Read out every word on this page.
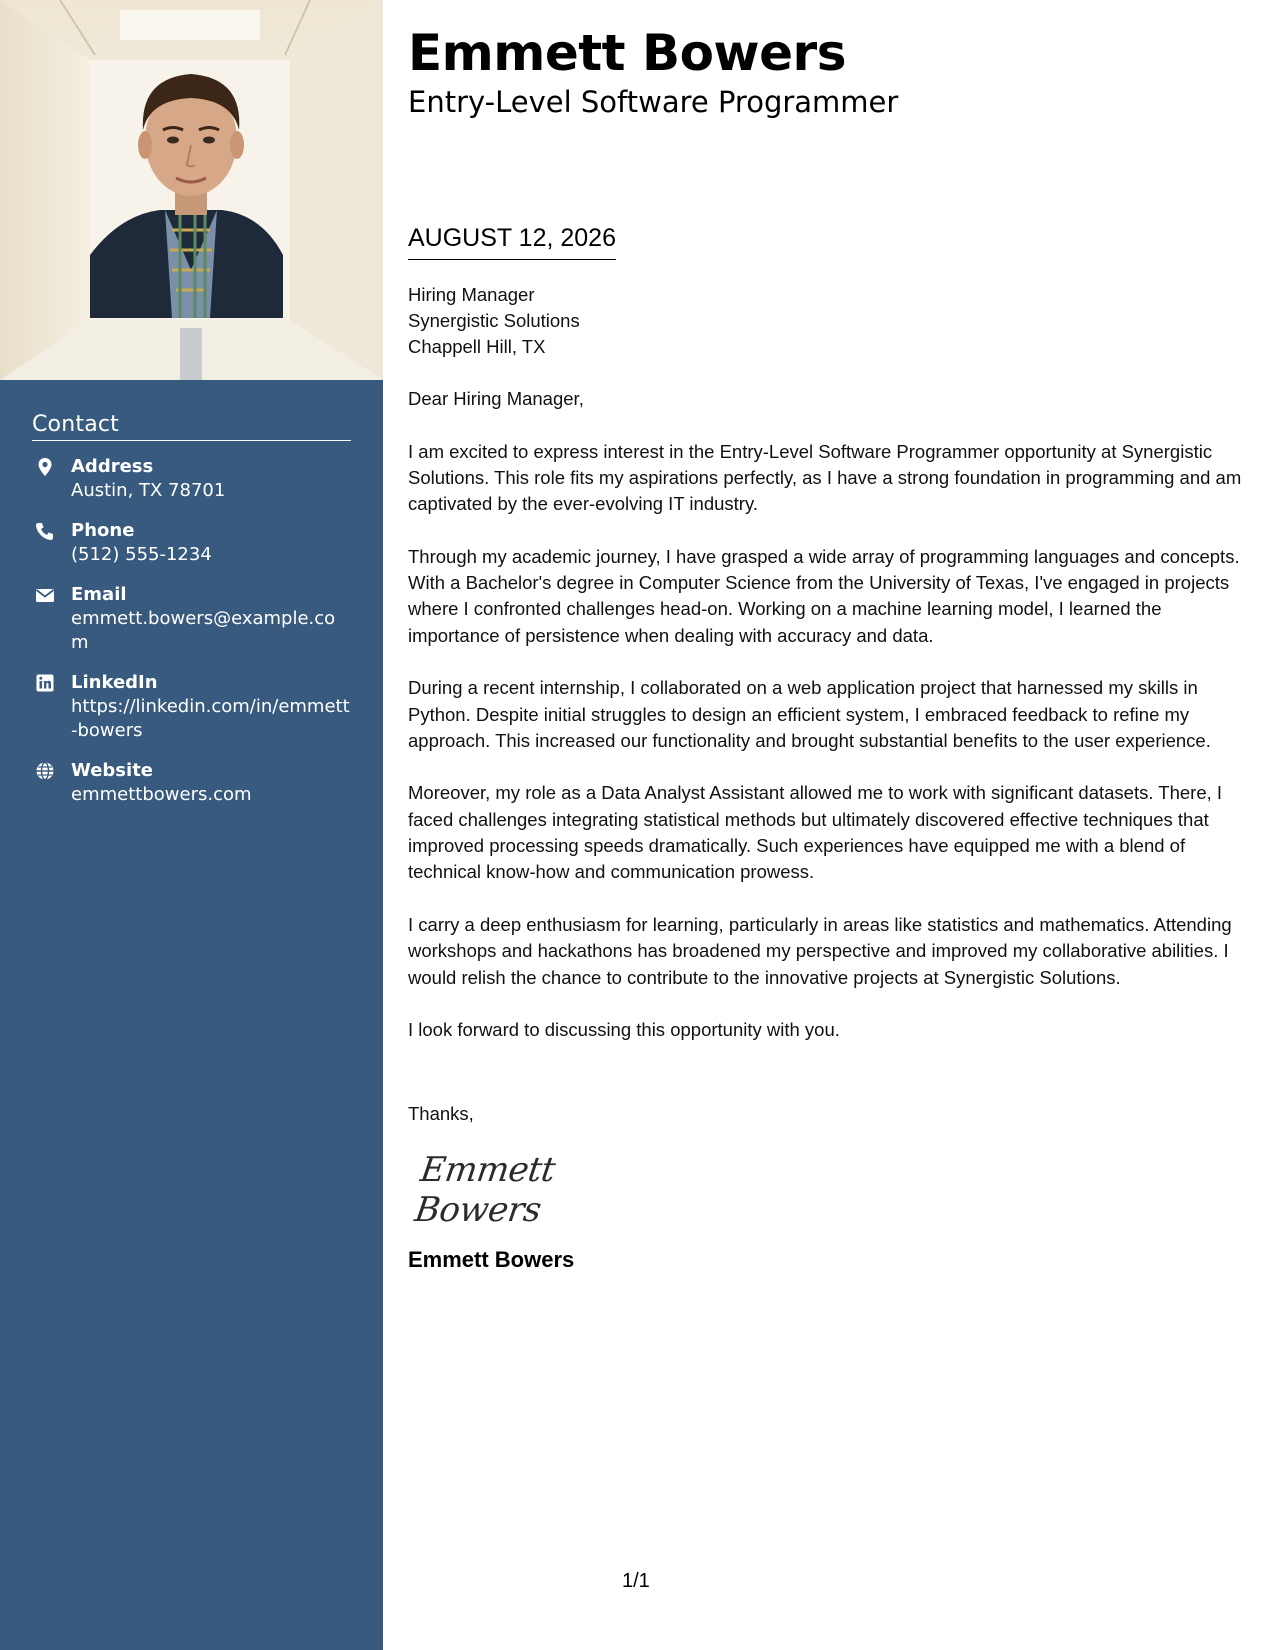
Contact
Address
Austin, TX 78701
Phone
(512) 555-1234
Email
emmett.bowers@example.com
LinkedIn
https://linkedin.com/in/emmett-bowers
Website
emmettbowers.com
Emmett Bowers
Entry-Level Software Programmer
AUGUST 12, 2026
Hiring Manager
Synergistic Solutions
Chappell Hill, TX

Dear Hiring Manager,

I am excited to express interest in the Entry-Level Software Programmer opportunity at Synergistic Solutions. This role fits my aspirations perfectly, as I have a strong foundation in programming and am captivated by the ever-evolving IT industry.

Through my academic journey, I have grasped a wide array of programming languages and concepts. With a Bachelor's degree in Computer Science from the University of Texas, I've engaged in projects where I confronted challenges head-on. Working on a machine learning model, I learned the importance of persistence when dealing with accuracy and data.

During a recent internship, I collaborated on a web application project that harnessed my skills in Python. Despite initial struggles to design an efficient system, I embraced feedback to refine my approach. This increased our functionality and brought substantial benefits to the user experience.

Moreover, my role as a Data Analyst Assistant allowed me to work with significant datasets. There, I faced challenges integrating statistical methods but ultimately discovered effective techniques that improved processing speeds dramatically. Such experiences have equipped me with a blend of technical know-how and communication prowess.

I carry a deep enthusiasm for learning, particularly in areas like statistics and mathematics. Attending workshops and hackathons has broadened my perspective and improved my collaborative abilities. I would relish the chance to contribute to the innovative projects at Synergistic Solutions.

I look forward to discussing this opportunity with you.

Thanks,
Emmett Bowers
Emmett Bowers
1/1
